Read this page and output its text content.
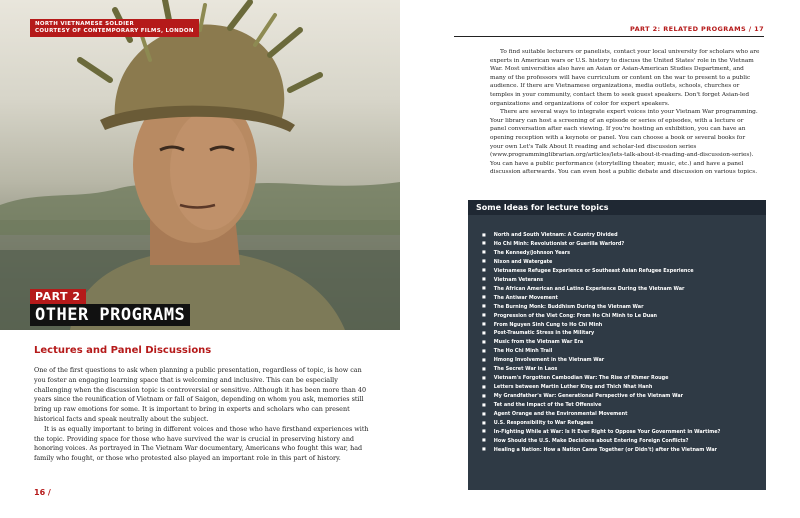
NORTH VIETNAMESE SOLDIER
COURTESY OF CONTEMPORARY FILMS, LONDON
PART 2
OTHER PROGRAMS
Lectures and Panel Discussions

One of the first questions to ask when planning a public presentation, regardless of topic, is how can you foster an engaging learning space that is welcoming and inclusive. This can be especially challenging when the discussion topic is controversial or sensitive. Although it has been more than 40 years since the reunification of Vietnam or fall of Saigon, depending on whom you ask, memories still bring up raw emotions for some. It is important to bring in experts and scholars who can present historical facts and speak neutrally about the subject.

It is as equally important to bring in different voices and those who have firsthand experiences with the topic. Providing space for those who have survived the war is crucial in preserving history and honoring voices. As portrayed in The Vietnam War documentary, Americans who fought this war, had family who fought, or those who protested also played an important role in this part of history.

16 /
PART 2: RELATED PROGRAMS / 17

To find suitable lecturers or panelists, contact your local university for scholars who are experts in American wars or U.S. history to discuss the United States' role in the Vietnam War. Most universities also have an Asian or Asian-American Studies Department, and many of the professors will have curriculum or content on the war to present to a public audience. If there are Vietnamese organizations, media outlets, schools, churches or temples in your community, contact them to seek guest speakers. Don't forget Asian-led organizations and organizations of color for expert speakers.

There are several ways to integrate expert voices into your Vietnam War programming. Your library can host a screening of an episode or series of episodes, with a lecture or panel conversation after each viewing. If you're hosting an exhibition, you can have an opening reception with a keynote or panel. You can choose a book or several books for your own Let's Talk About It reading and scholar-led discussion series (www.programminglibrarian.org/articles/lets-talk-about-it-reading-and-discussion-series). You can have a public performance (storytelling theater, music, etc.) and have a panel discussion afterwards. You can even host a public debate and discussion on various topics.

Some Ideas for lecture topics
■ North and South Vietnam: A Country Divided
■ Ho Chi Minh: Revolutionist or Guerilla Warlord?
■ The Kennedy/Johnson Years
■ Nixon and Watergate
■ Vietnamese Refugee Experience or Southeast Asian Refugee Experience
■ Vietnam Veterans
■ The African American and Latino Experience During the Vietnam War
■ The Antiwar Movement
■ The Burning Monk: Buddhism During the Vietnam War
■ Progression of the Viet Cong: From Ho Chi Minh to Le Duan
■ From Nguyen Sinh Cung to Ho Chi Minh
■ Post-Traumatic Stress in the Military
■ Music from the Vietnam War Era
■ The Ho Chi Minh Trail
■ Hmong Involvement in the Vietnam War
■ The Secret War in Laos
■ Vietnam's Forgotten Cambodian War: The Rise of Khmer Rouge
■ Letters between Martin Luther King and Thich Nhat Hanh
■ My Grandfather's War: Generational Perspective of the Vietnam War
■ Tet and the Impact of the Tet Offensive
■ Agent Orange and the Environmental Movement
■ U.S. Responsibility to War Refugees
■ In-Fighting While at War: Is It Ever Right to Oppose Your Government in Wartime?
■ How Should the U.S. Make Decisions about Entering Foreign Conflicts?
■ Healing a Nation: How a Nation Came Together (or Didn't) after the Vietnam War
